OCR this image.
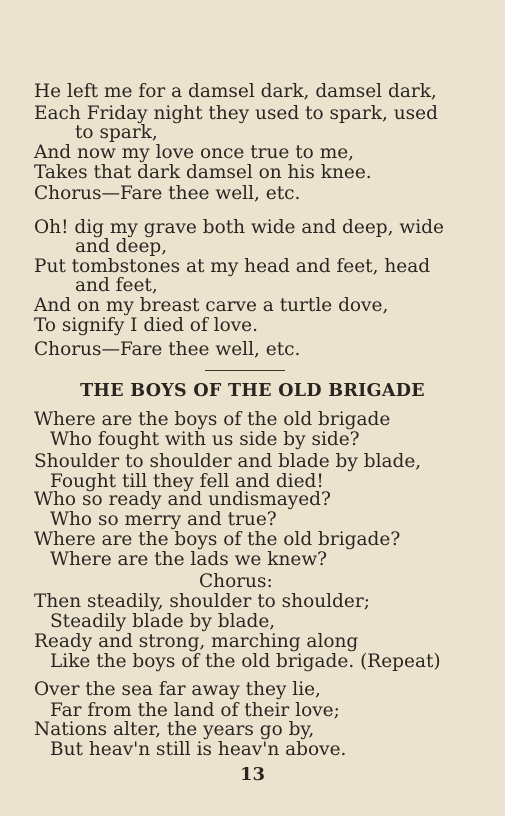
He left me for a damsel dark, damsel dark,
Each Friday night they used to spark, used
to spark,
And now my love once true to me,
Takes that dark damsel on his knee.
Chorus—Fare thee well, etc.
Oh! dig my grave both wide and deep, wide
and deep,
Put tombstones at my head and feet, head
and feet,
And on my breast carve a turtle dove,
To signify I died of love.
Chorus—Fare thee well, etc.
THE BOYS OF THE OLD BRIGADE
Where are the boys of the old brigade
Who fought with us side by side?
Shoulder to shoulder and blade by blade,
Fought till they fell and died!
Who so ready and undismayed?
Who so merry and true?
Where are the boys of the old brigade?
Where are the lads we knew?
Chorus:
Then steadily, shoulder to shoulder;
Steadily blade by blade,
Ready and strong, marching along
Like the boys of the old brigade. (Repeat)
Over the sea far away they lie,
Far from the land of their love;
Nations alter, the years go by,
But heav'n still is heav'n above.
13
